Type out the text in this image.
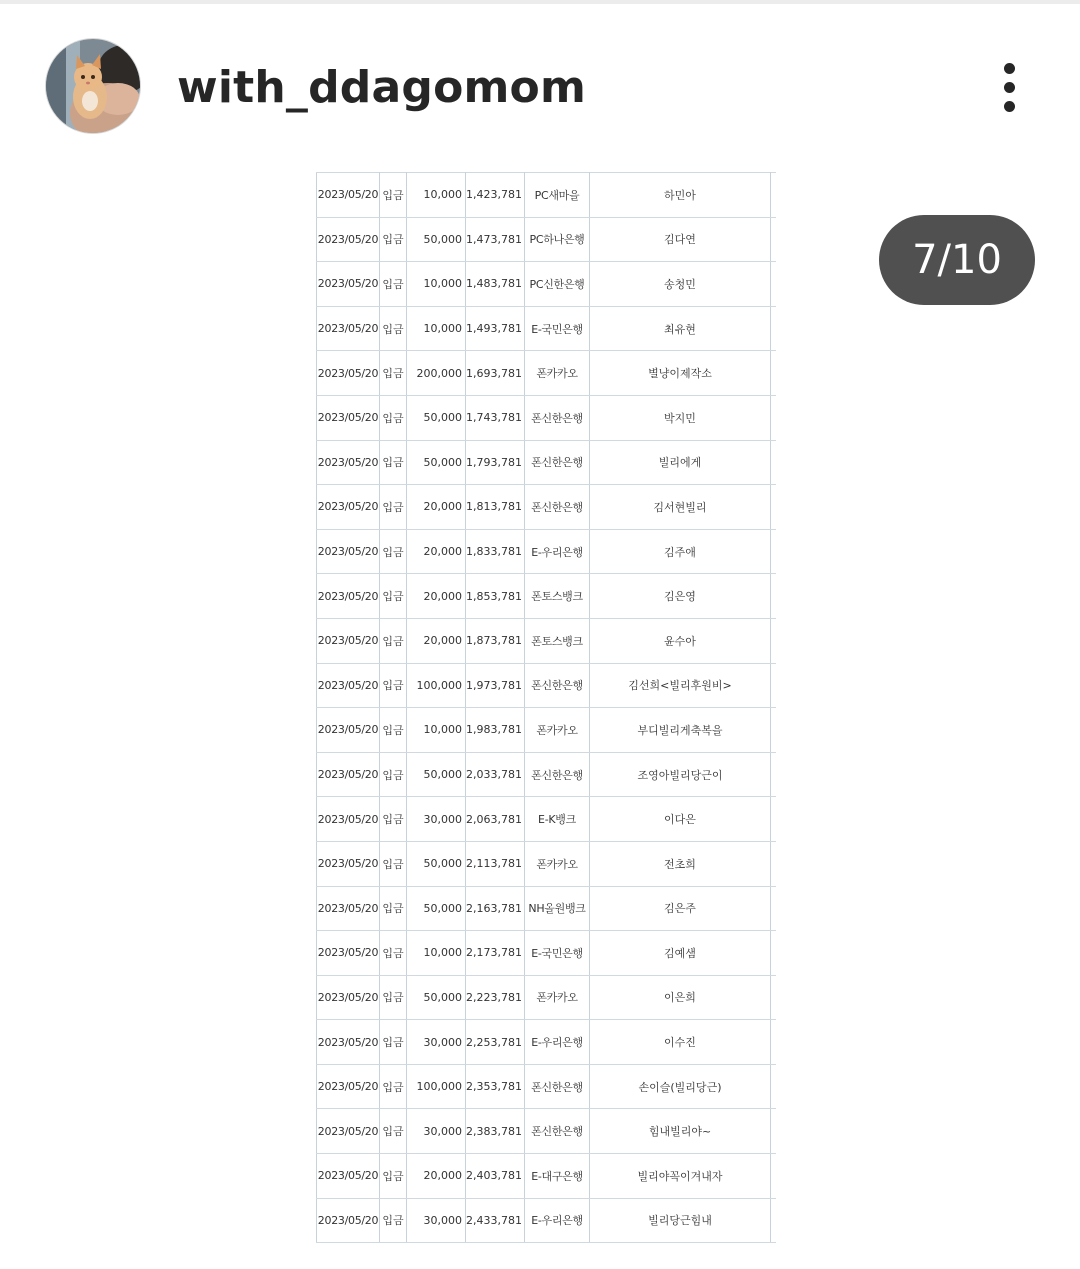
with_ddagomom
7/10
2023/05/20	입금	10,000	1,423,781	PC새마을	하민아	
2023/05/20	입금	50,000	1,473,781	PC하나은행	김다연	
2023/05/20	입금	10,000	1,483,781	PC신한은행	송청민	
2023/05/20	입금	10,000	1,493,781	E-국민은행	최유현	
2023/05/20	입금	200,000	1,693,781	폰카카오	별냥이제작소	
2023/05/20	입금	50,000	1,743,781	폰신한은행	박지민	
2023/05/20	입금	50,000	1,793,781	폰신한은행	빌리에게	
2023/05/20	입금	20,000	1,813,781	폰신한은행	김서현빌리	
2023/05/20	입금	20,000	1,833,781	E-우리은행	김주애	
2023/05/20	입금	20,000	1,853,781	폰토스뱅크	김은영	
2023/05/20	입금	20,000	1,873,781	폰토스뱅크	윤수아	
2023/05/20	입금	100,000	1,973,781	폰신한은행	김선희<빌리후원비>	
2023/05/20	입금	10,000	1,983,781	폰카카오	부디빌리게축복을	
2023/05/20	입금	50,000	2,033,781	폰신한은행	조영아빌리당근이	
2023/05/20	입금	30,000	2,063,781	E-K뱅크	이다은	
2023/05/20	입금	50,000	2,113,781	폰카카오	전초희	
2023/05/20	입금	50,000	2,163,781	NH올원뱅크	김은주	
2023/05/20	입금	10,000	2,173,781	E-국민은행	김예샘	
2023/05/20	입금	50,000	2,223,781	폰카카오	이은희	
2023/05/20	입금	30,000	2,253,781	E-우리은행	이수진	
2023/05/20	입금	100,000	2,353,781	폰신한은행	손이슬(빌리당근)	
2023/05/20	입금	30,000	2,383,781	폰신한은행	힘내빌리야~	
2023/05/20	입금	20,000	2,403,781	E-대구은행	빌리야꼭이겨내자	
2023/05/20	입금	30,000	2,433,781	E-우리은행	빌리당근힘내	
